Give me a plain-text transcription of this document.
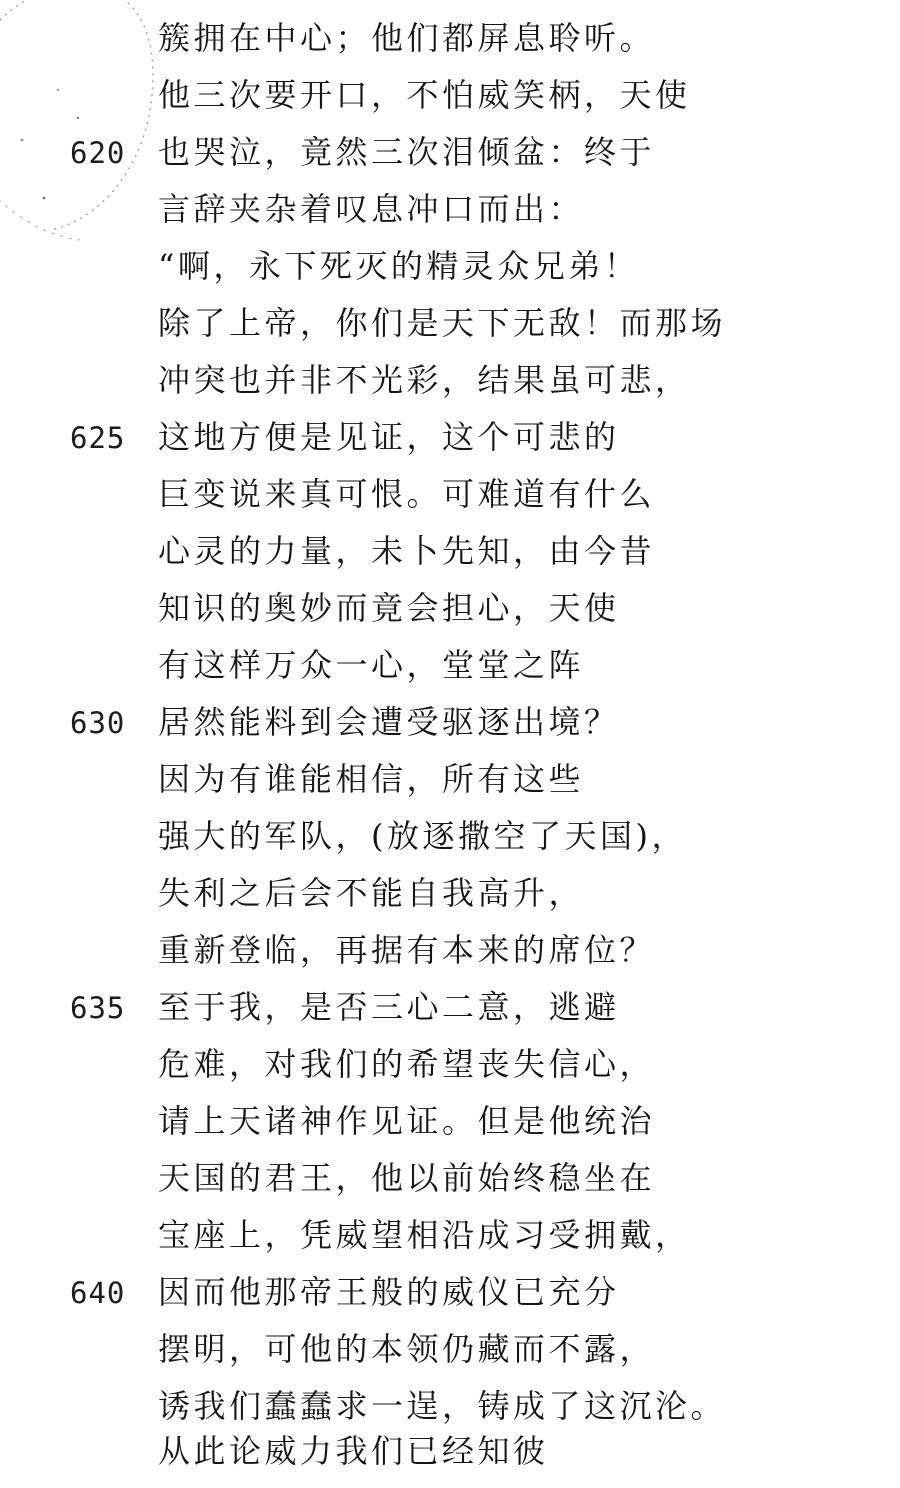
簇拥在中心；他们都屏息聆听。
他三次要开口，不怕威笑柄，天使
620 也哭泣，竟然三次泪倾盆：终于
言辞夹杂着叹息冲口而出：
“啊，永下死灭的精灵众兄弟！
除了上帝，你们是天下无敌！而那场
冲突也并非不光彩，结果虽可悲，
625 这地方便是见证，这个可悲的
巨变说来真可恨。可难道有什么
心灵的力量，未卜先知，由今昔
知识的奥妙而竟会担心，天使
有这样万众一心，堂堂之阵
630 居然能料到会遭受驱逐出境？
因为有谁能相信，所有这些
强大的军队，(放逐撒空了天国)，
失利之后会不能自我高升，
重新登临，再据有本来的席位？
635 至于我，是否三心二意，逃避
危难，对我们的希望丧失信心，
请上天诸神作见证。但是他统治
天国的君王，他以前始终稳坐在
宝座上，凭威望相沿成习受拥戴，
640 因而他那帝王般的威仪已充分
摆明，可他的本领仍藏而不露，
诱我们蠢蠢求一逞，铸成了这沉沦。
从此论威力我们已经知彼
